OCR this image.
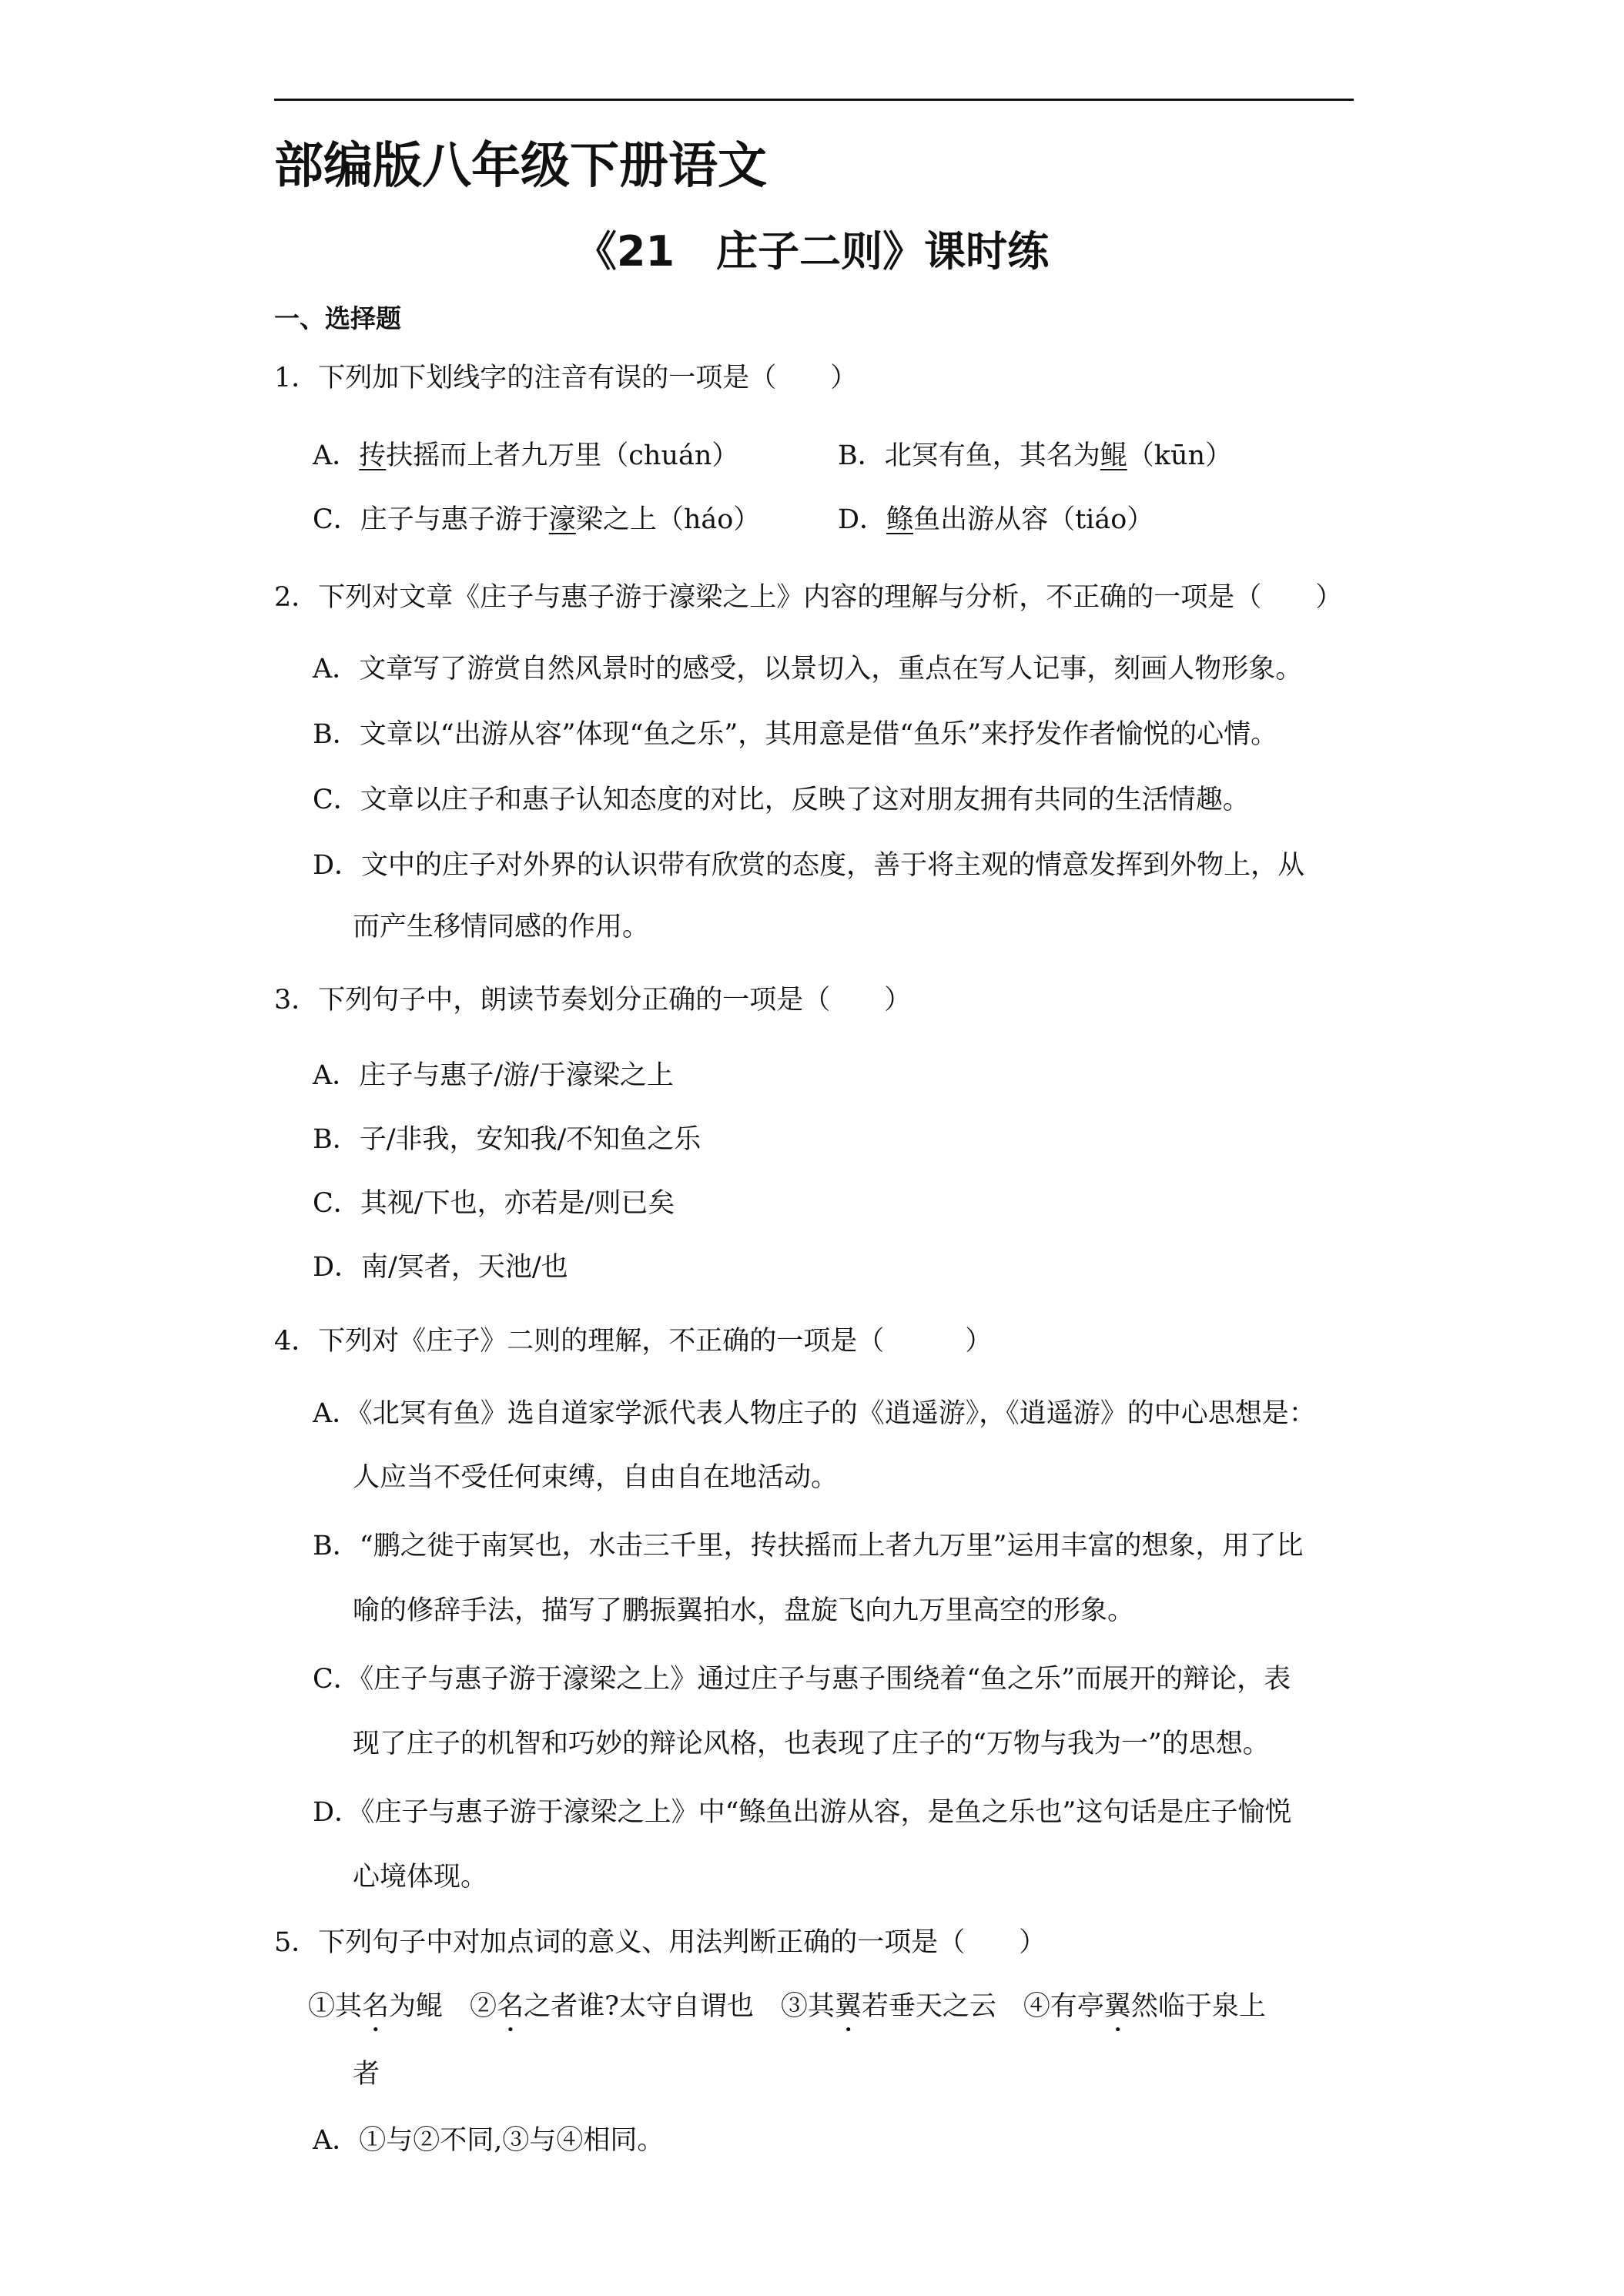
部编版八年级下册语文
《21　庄子二则》课时练
一、选择题
1．下列加下划线字的注音有误的一项是（　　）
A．抟扶摇而上者九万里（chuán）	B．北冥有鱼，其名为鲲（kūn）
C．庄子与惠子游于濠梁之上（háo）	D．鲦鱼出游从容（tiáo）
2．下列对文章《庄子与惠子游于濠梁之上》内容的理解与分析，不正确的一项是（　　）
A．文章写了游赏自然风景时的感受，以景切入，重点在写人记事，刻画人物形象。
B．文章以“出游从容”体现“鱼之乐”，其用意是借“鱼乐”来抒发作者愉悦的心情。
C．文章以庄子和惠子认知态度的对比，反映了这对朋友拥有共同的生活情趣。
D．文中的庄子对外界的认识带有欣赏的态度，善于将主观的情意发挥到外物上，从
而产生移情同感的作用。
3．下列句子中，朗读节奏划分正确的一项是（　　）
A．庄子与惠子/游/于濠梁之上
B．子/非我，安知我/不知鱼之乐
C．其视/下也，亦若是/则已矣
D．南/冥者，天池/也
4．下列对《庄子》二则的理解，不正确的一项是（　　　）
A．《北冥有鱼》选自道家学派代表人物庄子的《逍遥游》，《逍遥游》的中心思想是：
人应当不受任何束缚，自由自在地活动。
B．“鹏之徙于南冥也，水击三千里，抟扶摇而上者九万里”运用丰富的想象，用了比
喻的修辞手法，描写了鹏振翼拍水，盘旋飞向九万里高空的形象。
C．《庄子与惠子游于濠梁之上》通过庄子与惠子围绕着“鱼之乐”而展开的辩论，表
现了庄子的机智和巧妙的辩论风格，也表现了庄子的“万物与我为一”的思想。
D．《庄子与惠子游于濠梁之上》中“鲦鱼出游从容，是鱼之乐也”这句话是庄子愉悦
心境体现。
5．下列句子中对加点词的意义、用法判断正确的一项是（　　）
①其名为鲲　②名之者谁?太守自谓也　③其翼若垂天之云　④有亭翼然临于泉上
者
A．①与②不同,③与④相同。
